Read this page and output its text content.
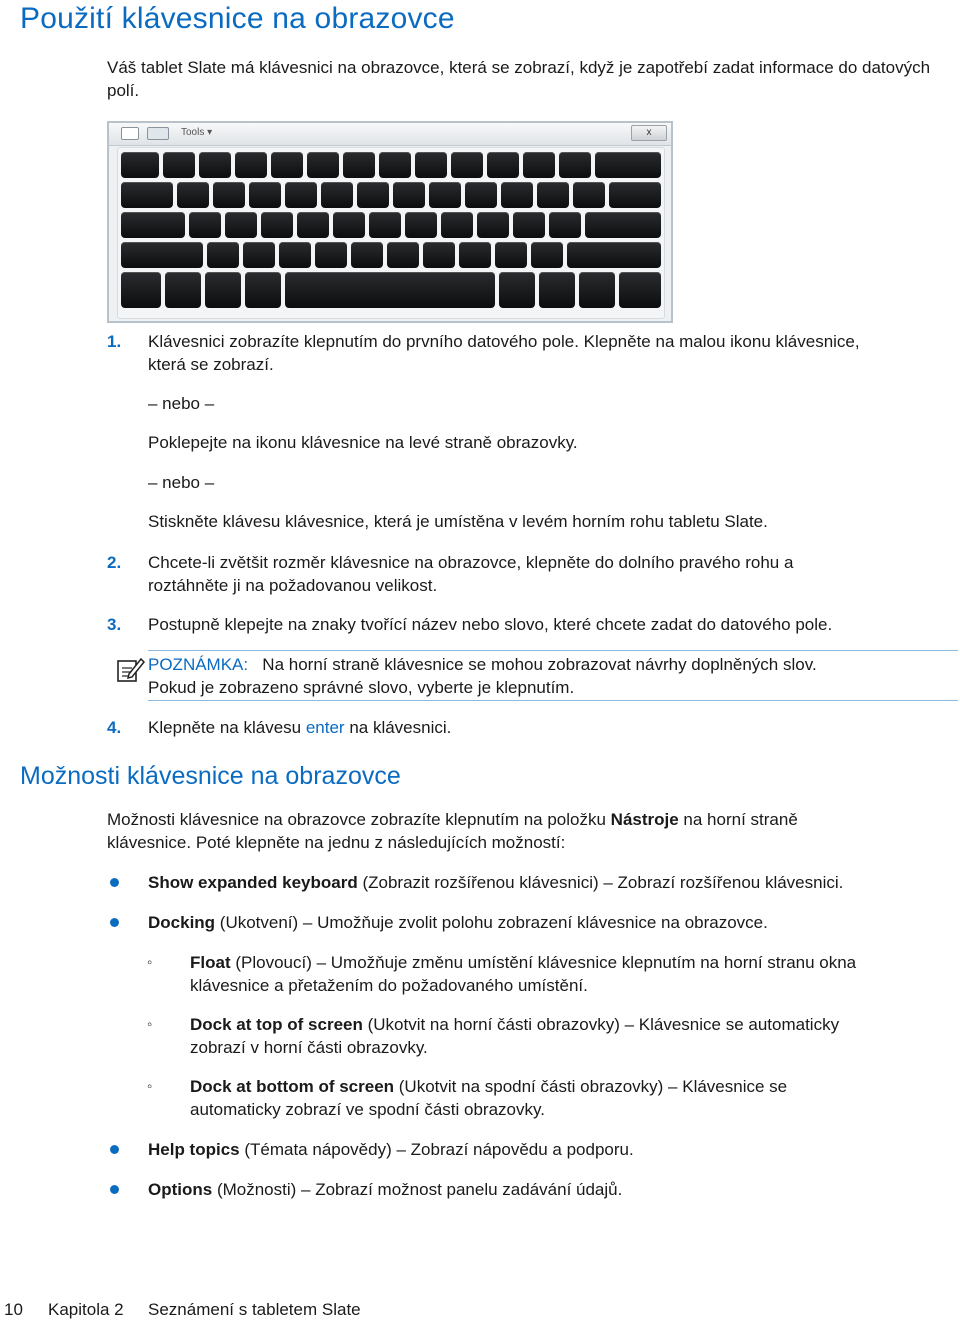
Použití klávesnice na obrazovce
Váš tablet Slate má klávesnici na obrazovce, která se zobrazí, když je zapotřebí zadat informace do datových polí.
Tools ▾	x
1. Klávesnici zobrazíte klepnutím do prvního datového pole. Klepněte na malou ikonu klávesnice,
která se zobrazí.
– nebo –
Poklepejte na ikonu klávesnice na levé straně obrazovky.
– nebo –
Stiskněte klávesu klávesnice, která je umístěna v levém horním rohu tabletu Slate.
2. Chcete-li zvětšit rozměr klávesnice na obrazovce, klepněte do dolního pravého rohu a
roztáhněte ji na požadovanou velikost.
3. Postupně klepejte na znaky tvořící název nebo slovo, které chcete zadat do datového pole.
POZNÁMKA: Na horní straně klávesnice se mohou zobrazovat návrhy doplněných slov.
Pokud je zobrazeno správné slovo, vyberte je klepnutím.
4. Klepněte na klávesu enter na klávesnici.
Možnosti klávesnice na obrazovce
Možnosti klávesnice na obrazovce zobrazíte klepnutím na položku Nástroje na horní straně
klávesnice. Poté klepněte na jednu z následujících možností:
Show expanded keyboard (Zobrazit rozšířenou klávesnici) – Zobrazí rozšířenou klávesnici.
Docking (Ukotvení) – Umožňuje zvolit polohu zobrazení klávesnice na obrazovce.
◦ Float (Plovoucí) – Umožňuje změnu umístění klávesnice klepnutím na horní stranu okna
klávesnice a přetažením do požadovaného umístění.
◦ Dock at top of screen (Ukotvit na horní části obrazovky) – Klávesnice se automaticky
zobrazí v horní části obrazovky.
◦ Dock at bottom of screen (Ukotvit na spodní části obrazovky) – Klávesnice se
automaticky zobrazí ve spodní části obrazovky.
Help topics (Témata nápovědy) – Zobrazí nápovědu a podporu.
Options (Možnosti) – Zobrazí možnost panelu zadávání údajů.
10 Kapitola 2 Seznámení s tabletem Slate
